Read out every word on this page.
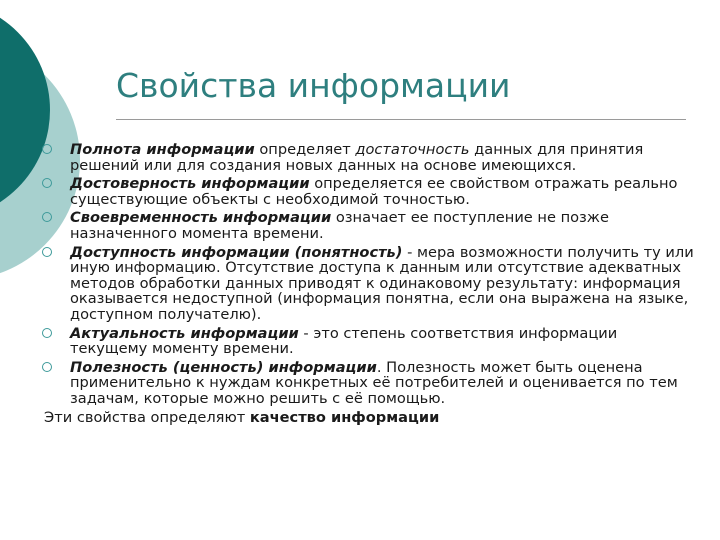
Свойства информации
Полнота информации определяет достаточность данных для принятия решений или для создания новых данных на основе имеющихся.
Достоверность информации определяется ее свойством отражать реально существующие объекты с необходимой точностью.
Своевременность информации означает ее поступление не позже назначенного момента времени.
Доступность информации (понятность) - мера возможности получить ту или иную информацию. Отсутствие доступа к данным или отсутствие адекватных методов обработки данных приводят к одинаковому результату: информация оказывается недоступной (информация понятна, если она выражена на языке, доступном получателю).
Актуальность информации - это степень соответствия информации текущему моменту времени.
Полезность (ценность) информации. Полезность может быть оценена применительно к нуждам конкретных её потребителей и оценивается по тем задачам, которые можно решить с её помощью.
Эти свойства определяют качество информации
